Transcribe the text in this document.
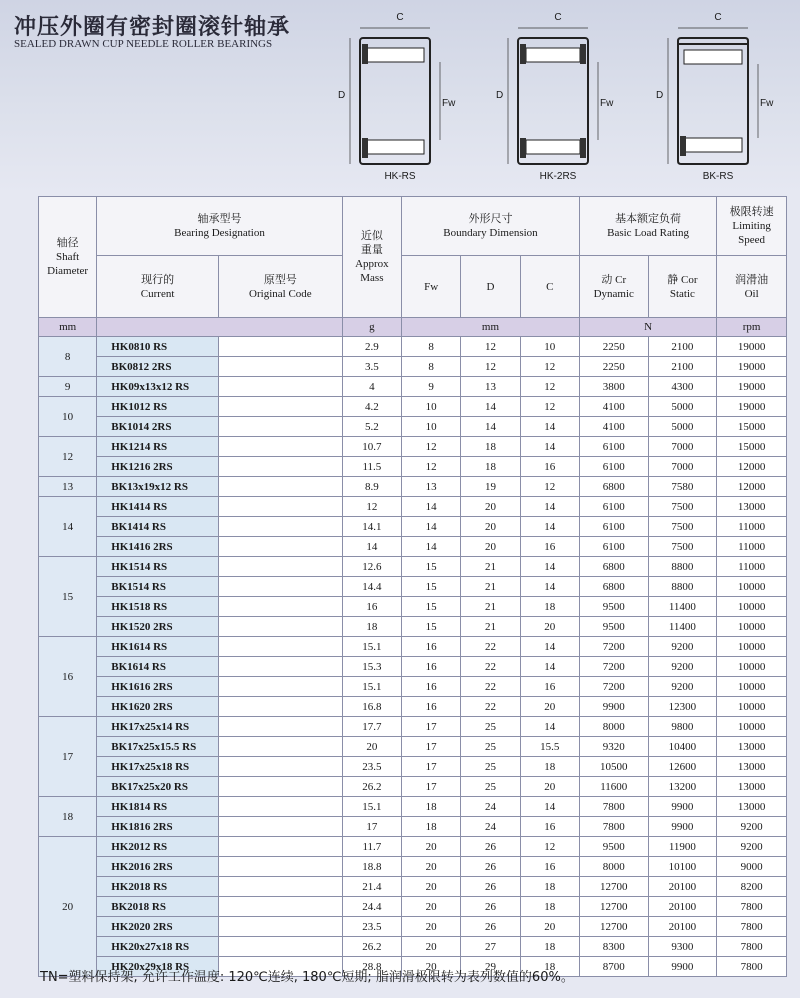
冲压外圈有密封圈滚针轴承
SEALED DRAWN CUP NEEDLE ROLLER BEARINGS
C
D
Fw
HK-RS
C
D
Fw
HK-2RS
C
D
Fw
BK-RS
轴径
Shaft
Diameter	轴承型号
Bearing Designation		近似
重量
Approx
Mass	外形尺寸
Boundary Dimension			基本额定负荷
Basic Load Rating		极限转速
Limiting
Speed
	现行的
Current	原型号
Original Code		Fw	D	C	动 Cr
Dynamic	静 Cor
Static	润滑油
Oil
mm			g	mm			N		rpm
8	HK0810 RS		2.9	8	12	10	2250	2100	19000
	BK0812 2RS		3.5	8	12	12	2250	2100	19000
9	HK09x13x12 RS		4	9	13	12	3800	4300	19000
10	HK1012 RS		4.2	10	14	12	4100	5000	19000
	BK1014 2RS		5.2	10	14	14	4100	5000	15000
12	HK1214 RS		10.7	12	18	14	6100	7000	15000
	HK1216 2RS		11.5	12	18	16	6100	7000	12000
13	BK13x19x12 RS		8.9	13	19	12	6800	7580	12000
14	HK1414 RS		12	14	20	14	6100	7500	13000
	BK1414 RS		14.1	14	20	14	6100	7500	11000
	HK1416 2RS		14	14	20	16	6100	7500	11000
15	HK1514 RS		12.6	15	21	14	6800	8800	11000
	BK1514 RS		14.4	15	21	14	6800	8800	10000
	HK1518 RS		16	15	21	18	9500	11400	10000
	HK1520 2RS		18	15	21	20	9500	11400	10000
16	HK1614 RS		15.1	16	22	14	7200	9200	10000
	BK1614 RS		15.3	16	22	14	7200	9200	10000
	HK1616 2RS		15.1	16	22	16	7200	9200	10000
	HK1620 2RS		16.8	16	22	20	9900	12300	10000
17	HK17x25x14 RS		17.7	17	25	14	8000	9800	10000
	BK17x25x15.5 RS		20	17	25	15.5	9320	10400	13000
	HK17x25x18 RS		23.5	17	25	18	10500	12600	13000
	BK17x25x20 RS		26.2	17	25	20	11600	13200	13000
18	HK1814 RS		15.1	18	24	14	7800	9900	13000
	HK1816 2RS		17	18	24	16	7800	9900	9200
20	HK2012 RS		11.7	20	26	12	9500	11900	9200
	HK2016 2RS		18.8	20	26	16	8000	10100	9000
	HK2018 RS		21.4	20	26	18	12700	20100	8200
	BK2018 RS		24.4	20	26	18	12700	20100	7800
	HK2020 2RS		23.5	20	26	20	12700	20100	7800
	HK20x27x18 RS		26.2	20	27	18	8300	9300	7800
	HK20x29x18 RS		28.8	20	29	18	8700	9900	7800
TN=塑料保持架, 允许工作温度: 120℃连续, 180℃短期; 脂润滑极限转为表列数值的60%。
